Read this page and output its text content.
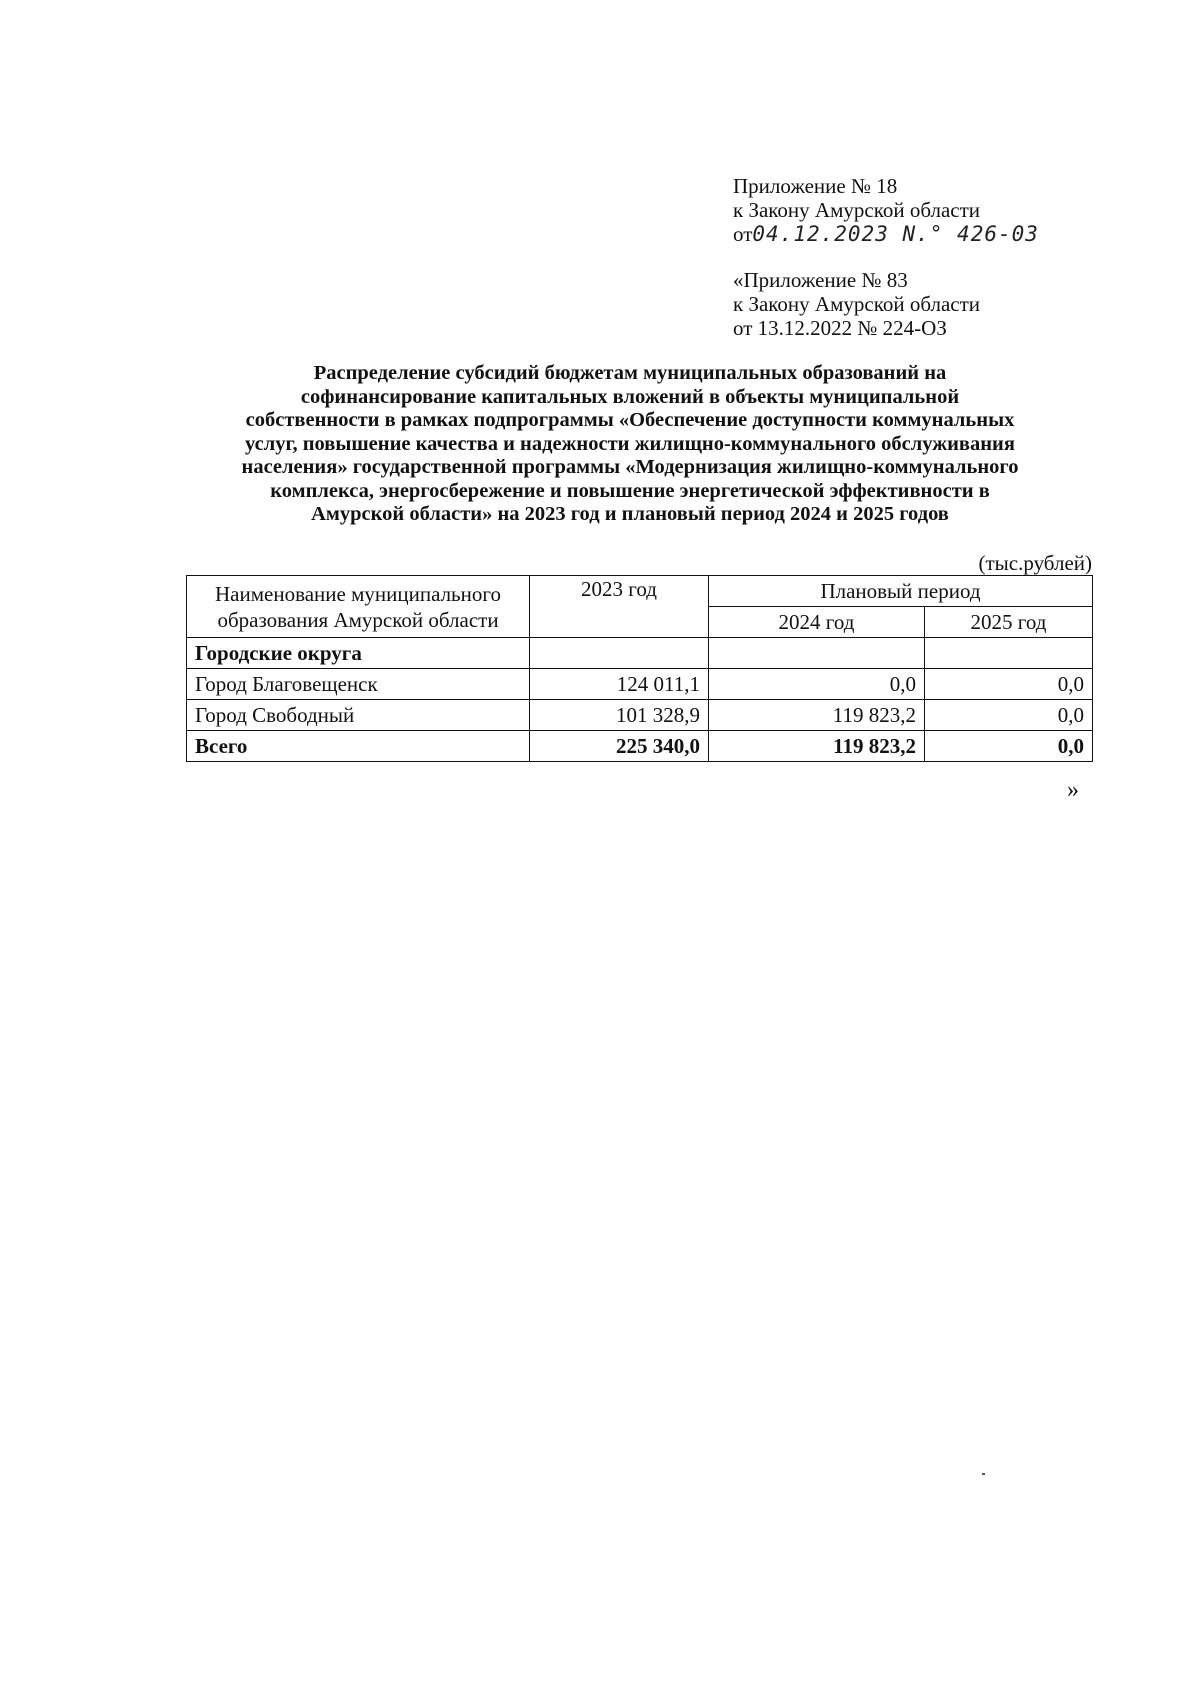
Приложение № 18
к Закону Амурской области
от04.12.2023 N.° 426-03
«Приложение № 83
к Закону Амурской области
от 13.12.2022 № 224-ОЗ
Распределение субсидий бюджетам муниципальных образований на
софинансирование капитальных вложений в объекты муниципальной
собственности в рамках подпрограммы «Обеспечение доступности коммунальных
услуг, повышение качества и надежности жилищно-коммунального обслуживания
населения» государственной программы «Модернизация жилищно-коммунального
комплекса, энергосбережение и повышение энергетической эффективности в
Амурской области» на 2023 год и плановый период 2024 и 2025 годов
(тыс.рублей)
Наименование муниципального
образования Амурской области	2023 год	Плановый период	
		2024 год	2025 год
Городские округа			
Город Благовещенск	124 011,1	0,0	0,0
Город Свободный	101 328,9	119 823,2	0,0
Всего	225 340,0	119 823,2	0,0
»
